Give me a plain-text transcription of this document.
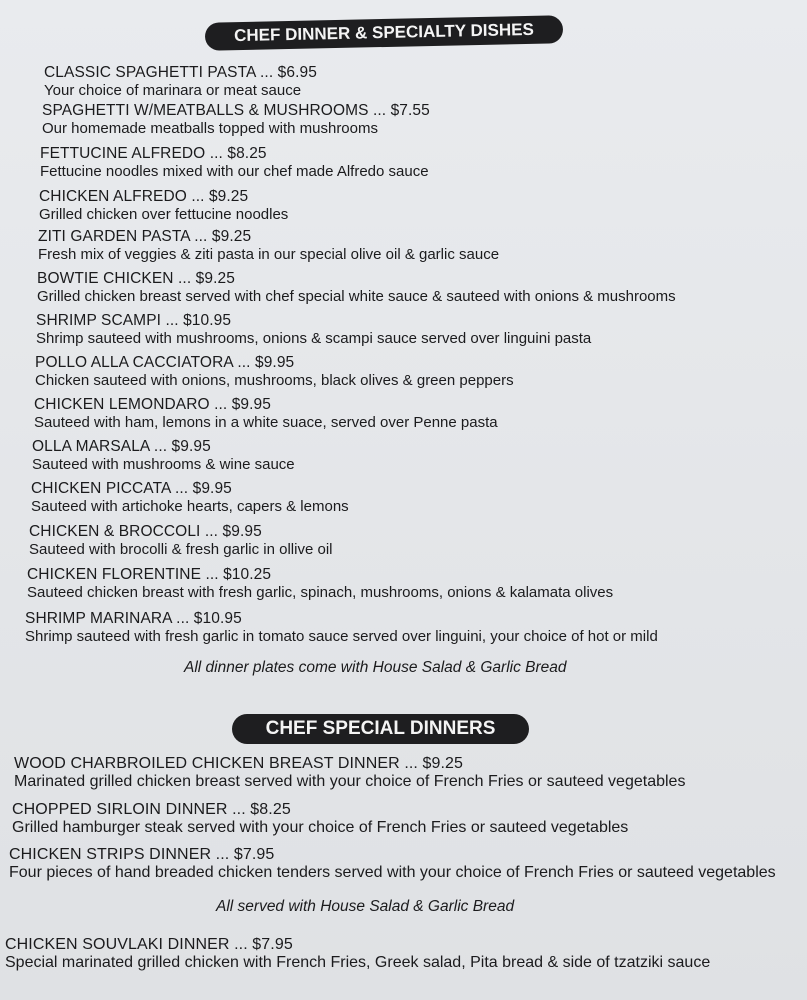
CHEF DINNER & SPECIALTY DISHES
CLASSIC SPAGHETTI PASTA ... $6.95
Your choice of marinara or meat sauce
SPAGHETTI W/MEATBALLS & MUSHROOMS ... $7.55
Our homemade meatballs topped with mushrooms
FETTUCINE ALFREDO ... $8.25
Fettucine noodles mixed with our chef made Alfredo sauce
CHICKEN ALFREDO ... $9.25
Grilled chicken over fettucine noodles
ZITI GARDEN PASTA ... $9.25
Fresh mix of veggies & ziti pasta in our special olive oil & garlic sauce
BOWTIE CHICKEN ... $9.25
Grilled chicken breast served with chef special white sauce & sauteed with onions & mushrooms
SHRIMP SCAMPI ... $10.95
Shrimp sauteed with mushrooms, onions & scampi sauce served over linguini pasta
POLLO ALLA CACCIATORA ... $9.95
Chicken sauteed with onions, mushrooms, black olives & green peppers
CHICKEN LEMONDARO ... $9.95
Sauteed with ham, lemons in a white suace, served over Penne pasta
OLLA MARSALA ... $9.95
Sauteed with mushrooms & wine sauce
CHICKEN PICCATA ... $9.95
Sauteed with artichoke hearts, capers & lemons
CHICKEN & BROCCOLI ... $9.95
Sauteed with brocolli & fresh garlic in ollive oil
CHICKEN FLORENTINE ... $10.25
Sauteed chicken breast with fresh garlic, spinach, mushrooms, onions & kalamata olives
SHRIMP MARINARA ... $10.95
Shrimp sauteed with fresh garlic in tomato sauce served over linguini, your choice of hot or mild
All dinner plates come with House Salad & Garlic Bread
CHEF SPECIAL DINNERS
WOOD CHARBROILED CHICKEN BREAST DINNER ... $9.25
Marinated grilled chicken breast served with your choice of French Fries or sauteed vegetables
CHOPPED SIRLOIN DINNER ... $8.25
Grilled hamburger steak served with your choice of French Fries or sauteed vegetables
CHICKEN STRIPS DINNER ... $7.95
Four pieces of hand breaded chicken tenders served with your choice of French Fries or sauteed vegetables
All served with House Salad & Garlic Bread
CHICKEN SOUVLAKI DINNER ... $7.95
Special marinated grilled chicken with French Fries, Greek salad, Pita bread & side of tzatziki sauce
